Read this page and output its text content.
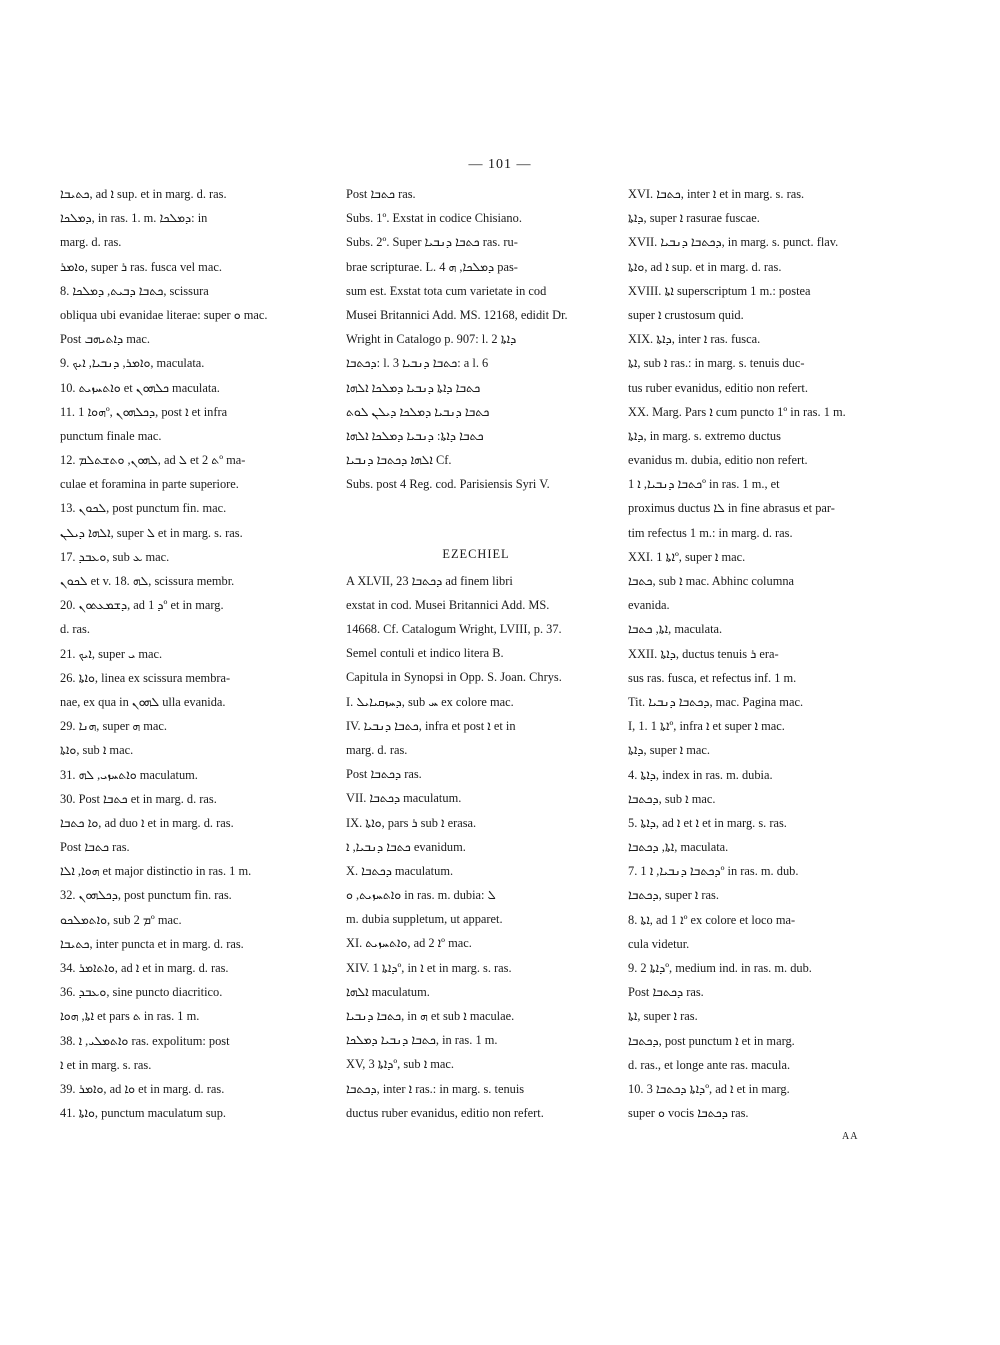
— 101 —
ܟܬܝܒܐ, ad ܐ sup. et in marg. d. ras.
ܕܡܠܟܐ, in ras. 1. m. ܕܡܠܟܐ: in
marg. d. ras.
ܘܐܡܪ, super ܪ ras. fusca vel mac.
8. ܟܬܒܐ ܕܒܝܬ, ܕܡܠܟܐ, scissura
obliqua ubi evanidae literae: super ܘ mac.
Post ܕܐܬܝܗܒ mac.
9. ܘܐܡܪ, ܕܢܒܝܐ, ܐܝܟ, maculata.
10. ܘܐܬܚܙܝܬ et ܟܠܗܘܢ maculata.
11. ܗܘܐ 1º, ܕܟܠܗܘܢ, post ܐ et infra
punctum finale mac.
12. ܠܗܘܢ, ܘܬܫܬܠܡ, ad ܠ et ܬ 2º ma-
culae et foramina in parte superiore.
13. ܠܟܘܢ, post punctum fin. mac.
ܐܠܗܐ ܕܝܠܢ, super ܠ et in marg. s. ras.
17. ܘܥܒܕ, sub ܥ mac.
ܠܟܘܢ et v. 18. ܠܗ, scissura membr.
20. ܕܫܡܥܬܘܢ, ad ܕ 1º et in marg.
d. ras.
21. ܐܝܟ, super ܝ mac.
26. ܘܐܬܐ, linea ex scissura membra-
nae, ex qua in ܠܗܘܢ ulla evanida.
29. ܗܢܐ, super ܗ mac.
ܘܐܬܐ, sub ܐ mac.
31. ܘܐܬܚܙܝ, ܠܗ maculatum.
30. Post ܟܬܒܐ et in marg. d. ras.
ܘܐ ܟܬܒܐ, ad duo ܐ et in marg. d. ras.
Post ܟܬܒܐ ras.
ܗܘܐ, ܐܠܐ et major distinctio in ras. 1 m.
32. ܕܟܠܗܘܢ, post punctum fin. ras.
ܘܐܬܡܠܟܘ, sub ܡ 2º mac.
ܟܬܝܒܐ, inter puncta et in marg. d. ras.
34. ܘܐܬܐܡܪ, ad ܐ et in marg. d. ras.
36. ܘܥܒܕ, sine puncto diacritico.
ܐܬܐ, ܗܘܐ et pars ܬ in ras. 1 m.
38. ܘܐܬܡܠܝ, ܐ ras. expolitum: post
ܐ et in marg. s. ras.
39. ܘܐܡܪ, ad ܘܐ et in marg. d. ras.
41. ܘܐܬܐ, punctum maculatum sup.
Post ܟܬܒܐ ras.
Subs. 1º. Exstat in codice Chisiano.
Subs. 2º. Super ܟܬܒܐ ܕܢܒܝܐ ras. ru-
brae scripturae. L. 4 ܕܡܠܟܐ, ܗ pas-
sum est. Exstat tota cum varietate in cod
Musei Britannici Add. MS. 12168, edidit Dr.
Wright in Catalogo p. 907: l. 2 ܕܐܬܐ
ܕܟܬܒܐ: l. 3 ܟܬܒܐ ܕܢܒܝܐ: a l. 6
ܟܬܒܐ ܕܐܬܐ ܕܢܒܝܐ ܕܡܠܟܐ ܐܠܗܐ
ܟܬܒܐ ܕܢܒܝܐ ܕܡܠܟܐ ܕܝܠܢ ܠܘܬ
ܟܬܒܐ ܕܐܬܐ: ܕܢܒܝܐ ܕܡܠܟܐ ܐܠܗܐ
ܐܠܗܐ ܕܟܬܒܐ ܕܢܒܝܐ Cf.
Subs. post 4 Reg. cod. Parisiensis Syri V.
EZECHIEL
A XLVII, 23 ܕܟܬܒܐ ad finem libri
exstat in cod. Musei Britannici Add. MS.
14668. Cf. Catalogum Wright, LVIII, p. 37.
Semel contuli et indico litera B.
Capitula in Synopsi in Opp. S. Joan. Chrys.
I. ܕܚܙܩܝܐܝܠ, sub ܚ ex colore mac.
IV. ܟܬܒܐ ܕܢܒܝܐ, infra et post ܐ et in
marg. d. ras.
Post ܕܟܬܒܐ ras.
VII. ܕܟܬܒܐ maculatum.
IX. ܘܐܬܐ, pars ܪ sub ܐ erasa.
ܟܬܒܐ ܕܢܒܝܐ, ܐ evanidum.
X. ܕܟܬܒܐ maculatum.
ܘܐܬܚܙܝܬ, ܘ in ras. m. dubia: ܠ
m. dubia suppletum, ut apparet.
XI. ܘܐܬܚܙܝܬ, ad ܐ 2º mac.
XIV. ܕܐܬܐ 1º, in ܐ et in marg. s. ras.
ܐܠܗܐ maculatum.
ܟܬܒܐ ܕܢܒܝܐ, in ܗ et sub ܐ maculae.
ܟܬܒܐ ܕܢܒܝܐ ܕܡܠܟܐ, in ras. 1 m.
XV, ܕܐܬܐ 3º, sub ܐ mac.
ܕܟܬܒܐ, inter ܐ ras.: in marg. s. tenuis
ductus ruber evanidus, editio non refert.
XVI. ܟܬܒܐ, inter ܐ et in marg. s. ras.
ܕܐܬܐ, super ܐ rasurae fuscae.
XVII. ܕܟܬܒܐ ܕܢܒܝܐ, in marg. s. punct. flav.
ܘܐܬܐ, ad ܐ sup. et in marg. d. ras.
XVIII. ܐܬܐ superscriptum 1 m.: postea
super ܐ crustosum quid.
XIX. ܕܐܬܐ, inter ܐ ras. fusca.
ܐܬܐ, sub ܐ ras.: in marg. s. tenuis duc-
tus ruber evanidus, editio non refert.
XX. Marg. Pars ܐ cum puncto 1º in ras. 1 m.
ܕܐܬܐ, in marg. s. extremo ductus
evanidus m. dubia, editio non refert.
ܟܬܒܐ ܕܢܒܝܐ, ܐ 1º in ras. 1 m., et
proximus ductus ܠܐ in fine abrasus et par-
tim refectus 1 m.: in marg. d. ras.
XXI. ܐܬܐ 1º, super ܐ mac.
ܟܬܒܐ, sub ܐ mac. Abhinc columna
evanida.
ܐܬܐ, ܟܬܒܐ, maculata.
XXII. ܕܐܬܐ, ductus tenuis ܪ era-
sus ras. fusca, et refectus inf. 1 m.
Tit. ܕܟܬܒܐ ܕܢܒܝܐ, mac. Pagina mac.
I, 1. ܐܬܐ 1º, infra ܐ et super ܐ mac.
ܕܐܬܐ, super ܐ mac.
4. ܕܐܬܐ, index in ras. m. dubia.
ܕܟܬܒܐ, sub ܐ mac.
5. ܕܐܬܐ, ad ܐ et ܐ et in marg. s. ras.
ܐܬܐ, ܕܟܬܒܐ, maculata.
7. ܕܟܬܒܐ ܕܢܒܝܐ, ܐ 1º in ras. m. dub.
ܕܟܬܒܐ, super ܐ ras.
8. ܐܬܐ, ad ܐ 1º ex colore et loco ma-
cula videtur.
9. ܕܐܬܐ 2º, medium ind. in ras. m. dub.
Post ܕܟܬܒܐ ras.
ܐܬܐ, super ܐ ras.
ܕܟܬܒܐ, post punctum ܐ et in marg.
d. ras., et longe ante ras. macula.
10. ܕܐܬܐ ܕܟܬܒܐ 3º, ad ܐ et in marg.
super ܘ vocis ܕܟܬܒܐ ras.
AA
